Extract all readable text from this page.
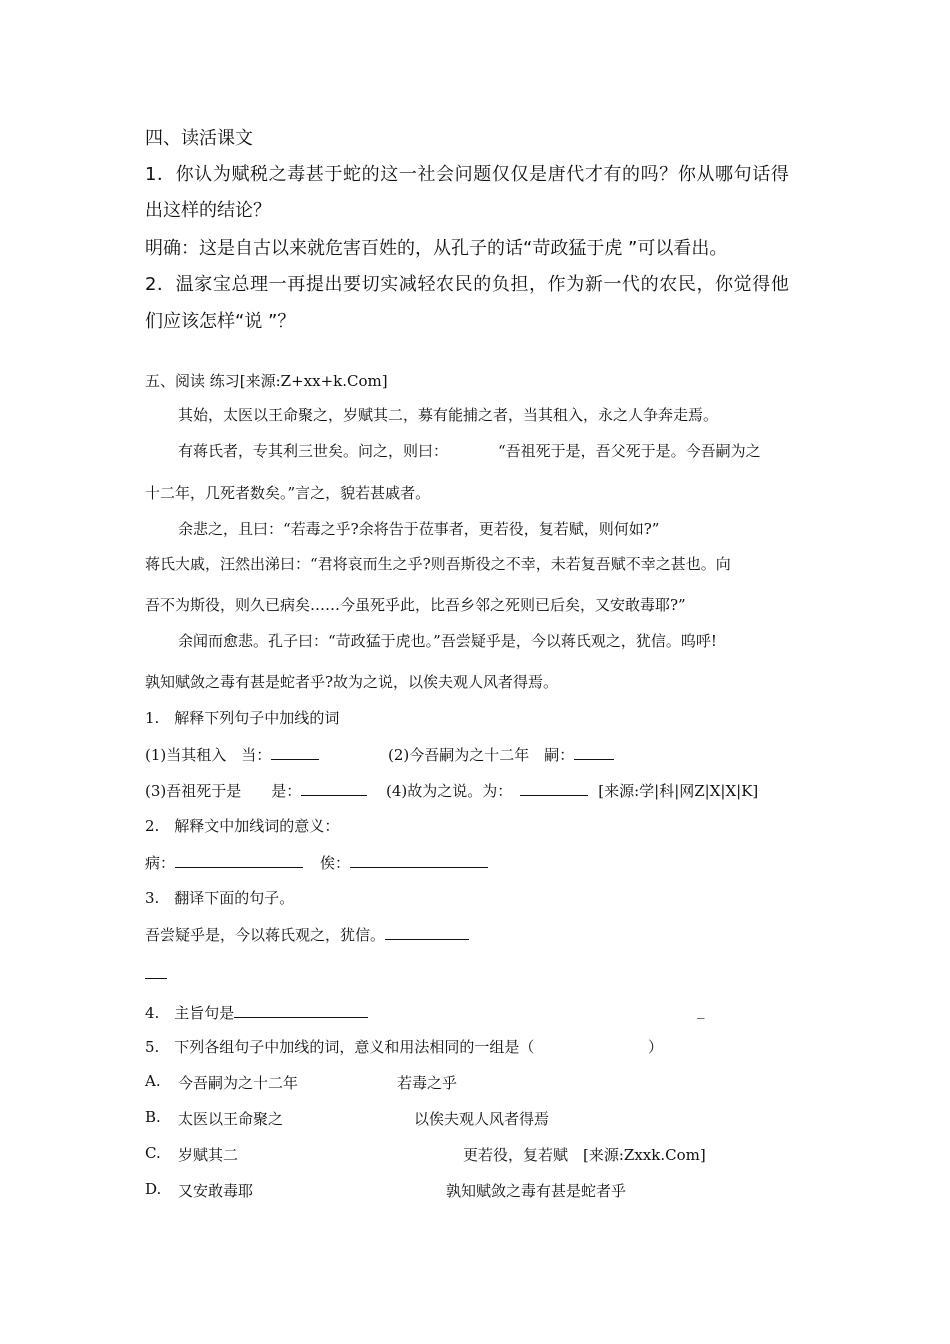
四、读活课文
1．你认为赋税之毒甚于蛇的这一社会问题仅仅是唐代才有的吗？你从哪句话得
出这样的结论？
明确：这是自古以来就危害百姓的，从孔子的话“苛政猛于虎 ”可以看出。
2．温家宝总理一再提出要切实减轻农民的负担，作为新一代的农民，你觉得他
们应该怎样“说 ”？
五、阅读 练习[来源:Z+xx+k.Com]
其始，太医以王命聚之，岁赋其二，募有能捕之者，当其租入，永之人争奔走焉。
有蒋氏者，专其利三世矣。问之，则曰：	“吾祖死于是，吾父死于是。今吾嗣为之
十二年，几死者数矣。”言之，貌若甚戚者。
余悲之，且曰：“若毒之乎?余将告于莅事者，更若役，复若赋，则何如?”
蒋氏大戚，汪然出涕曰：“君将哀而生之乎?则吾斯役之不幸，未若复吾赋不幸之甚也。向
吾不为斯役，则久已病矣……今虽死乎此，比吾乡邻之死则已后矣，又安敢毒耶?”
余闻而愈悲。孔子曰：“苛政猛于虎也。”吾尝疑乎是，今以蒋氏观之，犹信。呜呼!
孰知赋敛之毒有甚是蛇者乎?故为之说，以俟夫观人风者得焉。
1.　解释下列句子中加线的词
(1)当其租入　当：	(2)今吾嗣为之十二年　嗣：
(3)吾祖死于是　　是：	(4)故为之说。为：	[来源:学|科|网Z|X|X|K]
2.　解释文中加线词的意义：
病：	俟：
3.　翻译下面的句子。
吾尝疑乎是，今以蒋氏观之，犹信。
4.　主旨句是	_
5.　下列各组句子中加线的词，意义和用法相同的一组是（	）
A. 今吾嗣为之十二年	若毒之乎
B. 太医以王命聚之	以俟夫观人风者得焉
C. 岁赋其二	更若役，复若赋　[来源:Zxxk.Com]
D. 又安敢毒耶	孰知赋敛之毒有甚是蛇者乎
